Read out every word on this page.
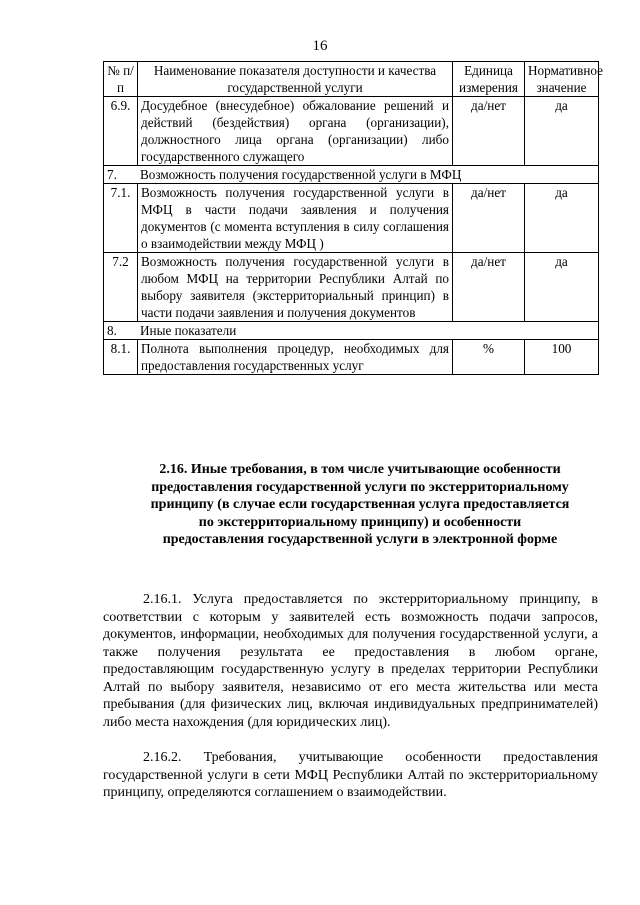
16
№ п/п	Наименование показателя доступности и качества государственной услуги	Единица измерения	Нормативное значение
6.9.	Досудебное (внесудебное) обжалование решений и действий (бездействия) органа (организации), должностного лица органа (организации) либо государственного служащего	да/нет	да
7. Возможность получения государственной услуги в МФЦ			
7.1.	Возможность получения государственной услуги в МФЦ в части подачи заявления и получения документов (с момента вступления в силу соглашения о взаимодействии между МФЦ )	да/нет	да
7.2	Возможность получения государственной услуги в любом МФЦ на территории Республики Алтай по выбору заявителя (экстерриториальный принцип) в части подачи заявления и получения документов	да/нет	да
8. Иные показатели			
8.1.	Полнота выполнения процедур, необходимых для предоставления государственных услуг	%	100
2.16. Иные требования, в том числе учитывающие особенности предоставления государственной услуги по экстерриториальному принципу (в случае если государственная услуга предоставляется по экстерриториальному принципу) и особенности предоставления государственной услуги в электронной форме

2.16.1. Услуга предоставляется по экстерриториальному принципу, в соответствии с которым у заявителей есть возможность подачи запросов, документов, информации, необходимых для получения государственной услуги, а также получения результата ее предоставления в любом органе, предоставляющим государственную услугу в пределах территории Республики Алтай по выбору заявителя, независимо от его места жительства или места пребывания (для физических лиц, включая индивидуальных предпринимателей) либо места нахождения (для юридических лиц).

2.16.2. Требования, учитывающие особенности предоставления государственной услуги в сети МФЦ Республики Алтай по экстерриториальному принципу, определяются соглашением о взаимодействии.
